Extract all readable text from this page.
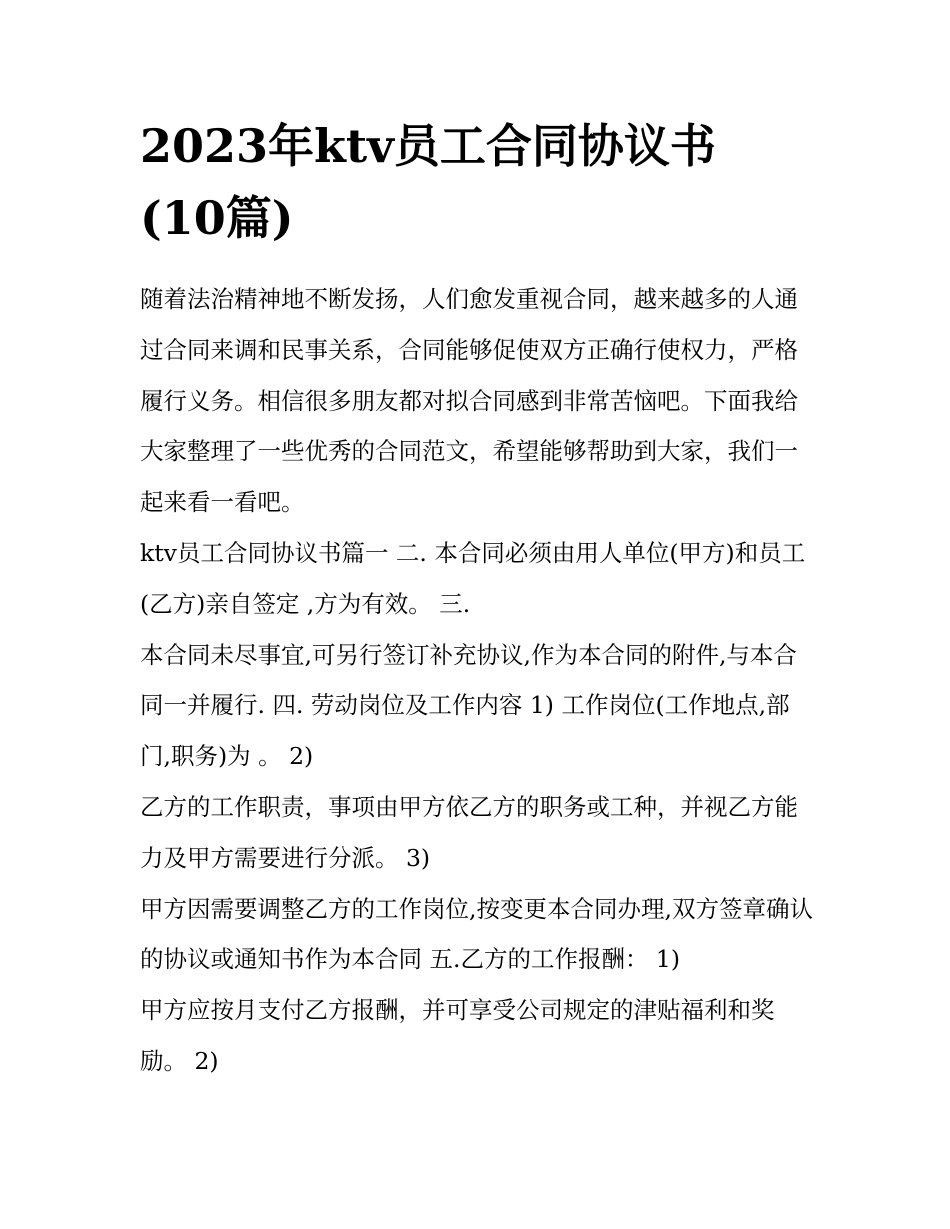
2023年ktv员工合同协议书
(10篇)

随着法治精神地不断发扬，人们愈发重视合同，越来越多的人通过合同来调和民事关系，合同能够促使双方正确行使权力，严格履行义务。相信很多朋友都对拟合同感到非常苦恼吧。下面我给大家整理了一些优秀的合同范文，希望能够帮助到大家，我们一起来看一看吧。

ktv员工合同协议书篇一 二. 本合同必须由用人单位(甲方)和员工(乙方)亲自签定 ,方为有效。 三.

本合同未尽事宜,可另行签订补充协议,作为本合同的附件,与本合同一并履行. 四. 劳动岗位及工作内容 1) 工作岗位(工作地点,部门,职务)为 。 2)

乙方的工作职责，事项由甲方依乙方的职务或工种，并视乙方能力及甲方需要进行分派。 3)

甲方因需要调整乙方的工作岗位,按变更本合同办理,双方签章确认的协议或通知书作为本合同 五.乙方的工作报酬： 1)

甲方应按月支付乙方报酬，并可享受公司规定的津贴福利和奖励。 2)
